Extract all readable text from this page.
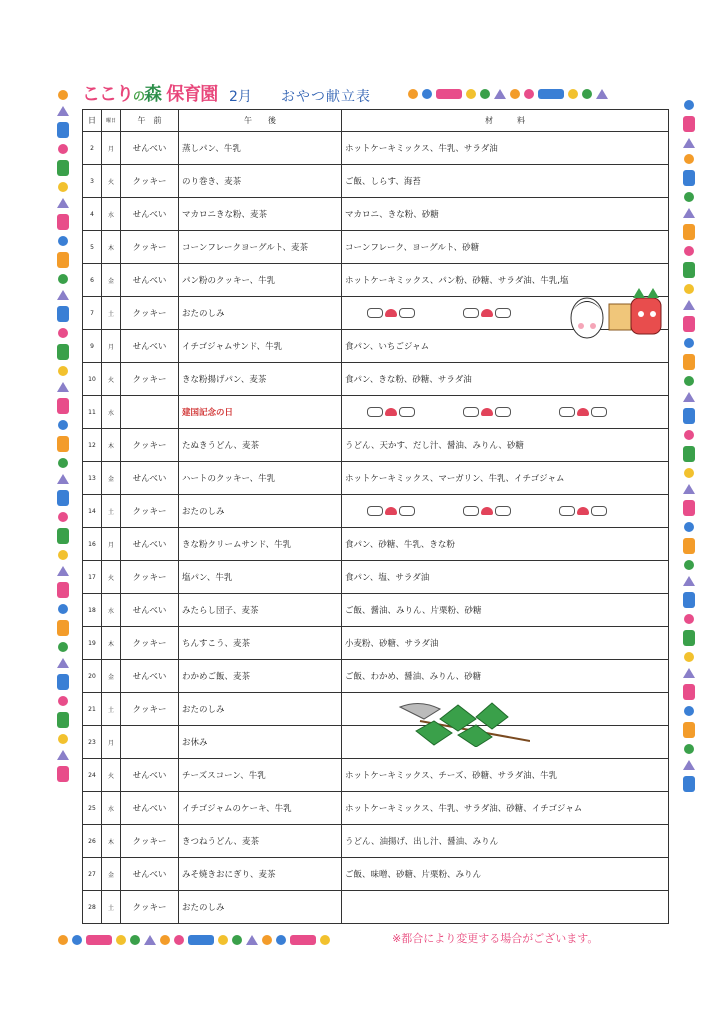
ここりの森 保育園 2月 おやつ献立表
日	曜日	午　前	午　　後	材　　　料
2	月	せんべい	蒸しパン、牛乳	ホットケーキミックス、牛乳、サラダ油
3	火	クッキー	のり巻き、麦茶	ご飯、しらす、海苔
4	水	せんべい	マカロニきな粉、麦茶	マカロニ、きな粉、砂糖
5	木	クッキー	コーンフレークヨーグルト、麦茶	コーンフレーク、ヨーグルト、砂糖
6	金	せんべい	パン粉のクッキー、牛乳	ホットケーキミックス、パン粉、砂糖、サラダ油、牛乳,塩
7	土	クッキー	おたのしみ	

9	月	せんべい	イチゴジャムサンド、牛乳	食パン、いちごジャム
10	火	クッキー	きな粉揚げパン、麦茶	食パン、きな粉、砂糖、サラダ油
11	水		建国記念の日	

12	木	クッキー	たぬきうどん、麦茶	うどん、天かす、だし汁、醤油、みりん、砂糖
13	金	せんべい	ハートのクッキー、牛乳	ホットケーキミックス、マーガリン、牛乳、イチゴジャム
14	土	クッキー	おたのしみ	

16	月	せんべい	きな粉クリームサンド、牛乳	食パン、砂糖、牛乳、きな粉
17	火	クッキー	塩パン、牛乳	食パン、塩、サラダ油
18	水	せんべい	みたらし団子、麦茶	ご飯、醤油、みりん、片栗粉、砂糖
19	木	クッキー	ちんすこう、麦茶	小麦粉、砂糖、サラダ油
20	金	せんべい	わかめご飯、麦茶	ご飯、わかめ、醤油、みりん、砂糖
21	土	クッキー	おたのしみ	
23	月		お休み	
24	火	せんべい	チーズスコーン、牛乳	ホットケーキミックス、チーズ、砂糖、サラダ油、牛乳
25	水	せんべい	イチゴジャムのケーキ、牛乳	ホットケーキミックス、牛乳、サラダ油、砂糖、イチゴジャム
26	木	クッキー	きつねうどん、麦茶	うどん、油揚げ、出し汁、醤油、みりん
27	金	せんべい	みそ焼きおにぎり、麦茶	ご飯、味噌、砂糖、片栗粉、みりん
28	土	クッキー	おたのしみ	
※都合により変更する場合がございます。
